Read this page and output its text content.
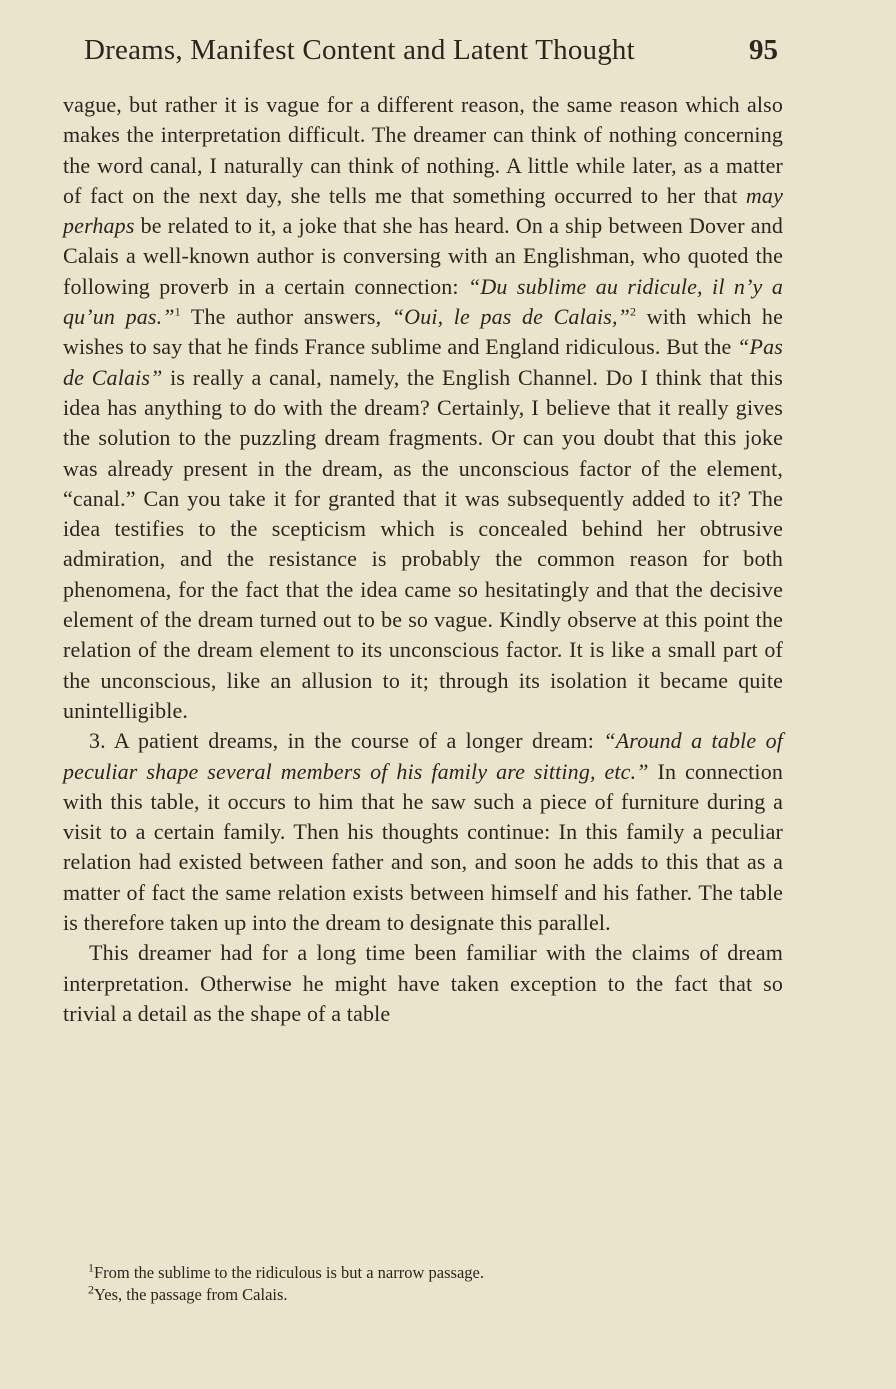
Dreams, Manifest Content and Latent Thought	95

vague, but rather it is vague for a different reason, the same reason which also makes the interpretation difficult. The dreamer can think of nothing concerning the word canal, I naturally can think of nothing. A little while later, as a matter of fact on the next day, she tells me that something occurred to her that may perhaps be related to it, a joke that she has heard. On a ship between Dover and Calais a well-known author is conversing with an Englishman, who quoted the following proverb in a certain connection: “Du sublime au ridicule, il n’y a qu’un pas.”$^1$ The author answers, “Oui, le pas de Calais,”$^2$ with which he wishes to say that he finds France sublime and England ridiculous. But the “Pas de Calais” is really a canal, namely, the English Channel. Do I think that this idea has anything to do with the dream? Certainly, I believe that it really gives the solution to the puzzling dream fragments. Or can you doubt that this joke was already present in the dream, as the unconscious factor of the element, “canal.” Can you take it for granted that it was subsequently added to it? The idea testifies to the scepticism which is concealed behind her obtrusive admiration, and the resistance is probably the common reason for both phenomena, for the fact that the idea came so hesitatingly and that the decisive element of the dream turned out to be so vague. Kindly observe at this point the relation of the dream element to its unconscious factor. It is like a small part of the unconscious, like an allusion to it; through its isolation it became quite unintelligible.

3. A patient dreams, in the course of a longer dream: “Around a table of peculiar shape several members of his family are sitting, etc.” In connection with this table, it occurs to him that he saw such a piece of furniture during a visit to a certain family. Then his thoughts continue: In this family a peculiar relation had existed between father and son, and soon he adds to this that as a matter of fact the same relation exists between himself and his father. The table is therefore taken up into the dream to designate this parallel.

This dreamer had for a long time been familiar with the claims of dream interpretation. Otherwise he might have taken exception to the fact that so trivial a detail as the shape of a table

$^1$From the sublime to the ridiculous is but a narrow passage.
$^2$Yes, the passage from Calais.
